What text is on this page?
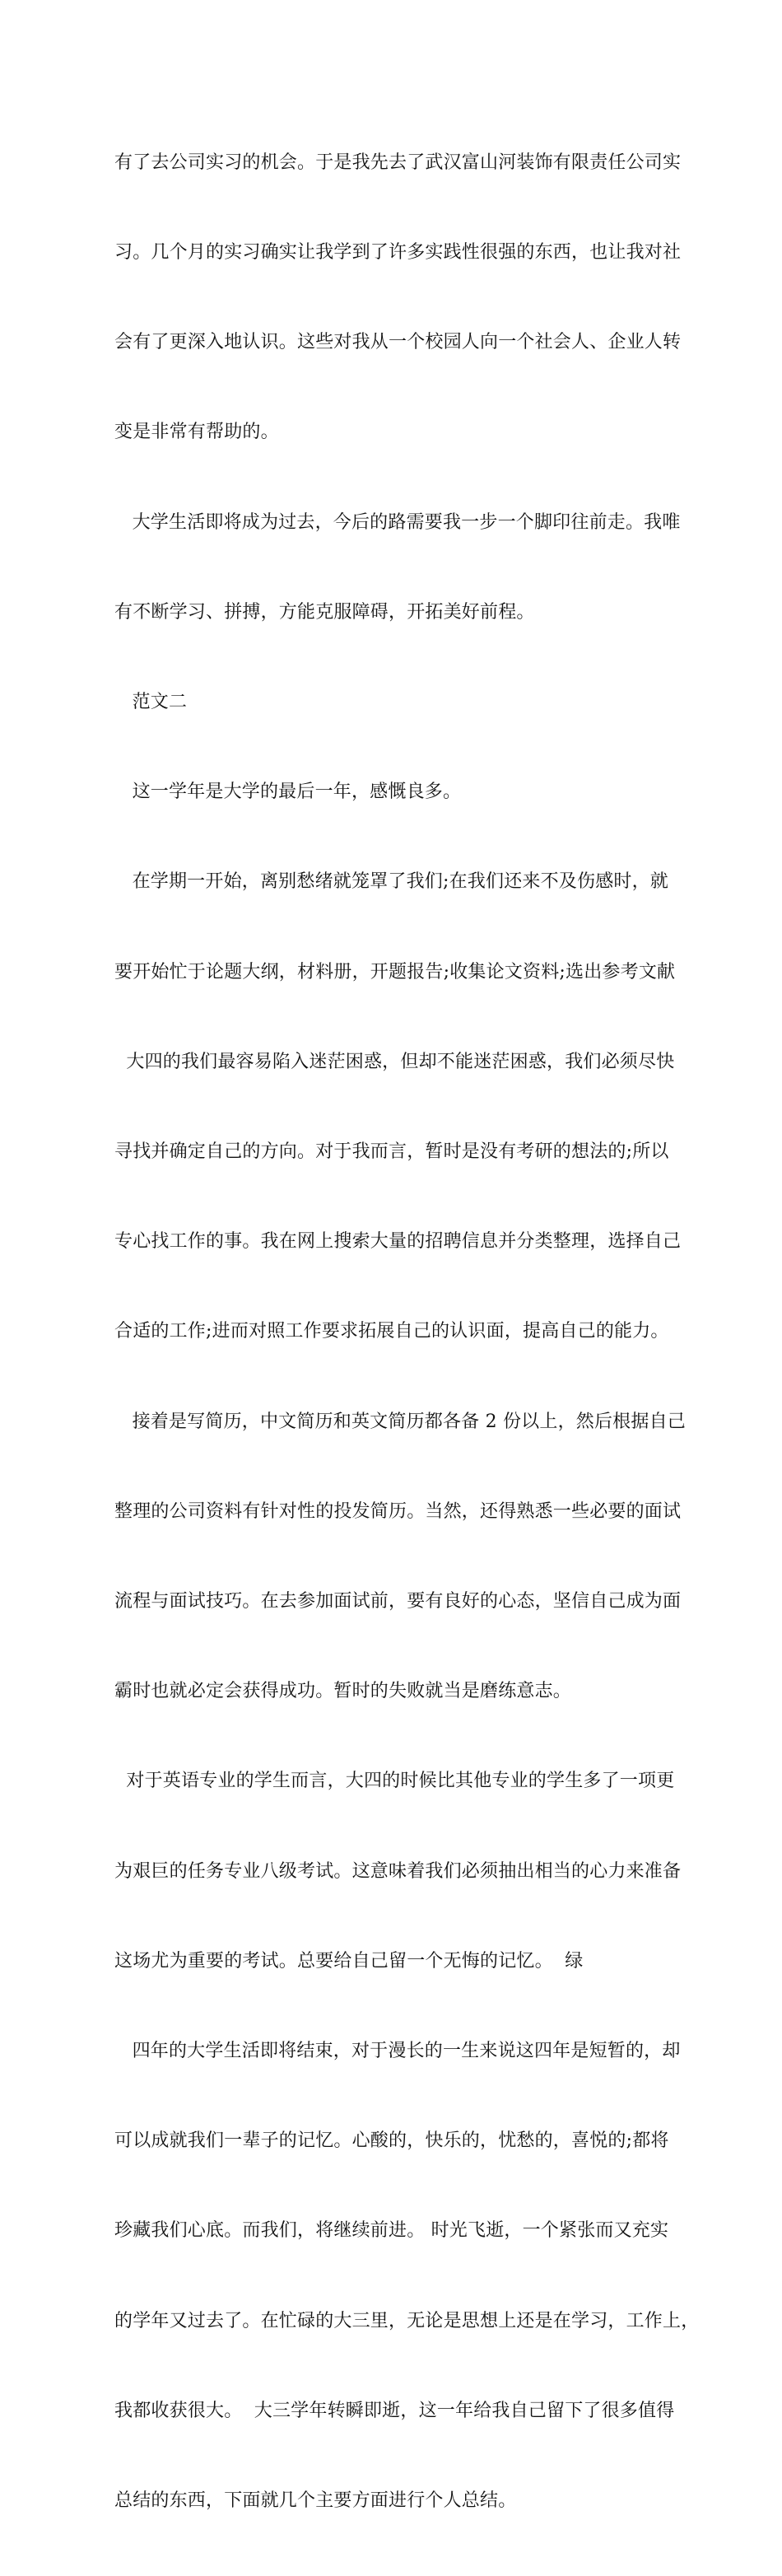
有了去公司实习的机会。于是我先去了武汉富山河装饰有限责任公司实

习。几个月的实习确实让我学到了许多实践性很强的东西，也让我对社

会有了更深入地认识。这些对我从一个校园人向一个社会人、企业人转

变是非常有帮助的。

大学生活即将成为过去，今后的路需要我一步一个脚印往前走。我唯

有不断学习、拼搏，方能克服障碍，开拓美好前程。

范文二

这一学年是大学的最后一年，感慨良多。

在学期一开始，离别愁绪就笼罩了我们;在我们还来不及伤感时，就

要开始忙于论题大纲，材料册，开题报告;收集论文资料;选出参考文献

大四的我们最容易陷入迷茫困惑，但却不能迷茫困惑，我们必须尽快

寻找并确定自己的方向。对于我而言，暂时是没有考研的想法的;所以

专心找工作的事。我在网上搜索大量的招聘信息并分类整理，选择自己

合适的工作;进而对照工作要求拓展自己的认识面，提高自己的能力。

接着是写简历，中文简历和英文简历都各备 2 份以上，然后根据自己

整理的公司资料有针对性的投发简历。当然，还得熟悉一些必要的面试

流程与面试技巧。在去参加面试前，要有良好的心态，坚信自己成为面

霸时也就必定会获得成功。暂时的失败就当是磨练意志。

对于英语专业的学生而言，大四的时候比其他专业的学生多了一项更

为艰巨的任务专业八级考试。这意味着我们必须抽出相当的心力来准备

这场尤为重要的考试。总要给自己留一个无悔的记忆。  绿

四年的大学生活即将结束，对于漫长的一生来说这四年是短暂的，却

可以成就我们一辈子的记忆。心酸的，快乐的，忧愁的，喜悦的;都将

珍藏我们心底。而我们，将继续前进。 时光飞逝，一个紧张而又充实

的学年又过去了。在忙碌的大三里，无论是思想上还是在学习，工作上，

我都收获很大。  大三学年转瞬即逝，这一年给我自己留下了很多值得

总结的东西，下面就几个主要方面进行个人总结。
